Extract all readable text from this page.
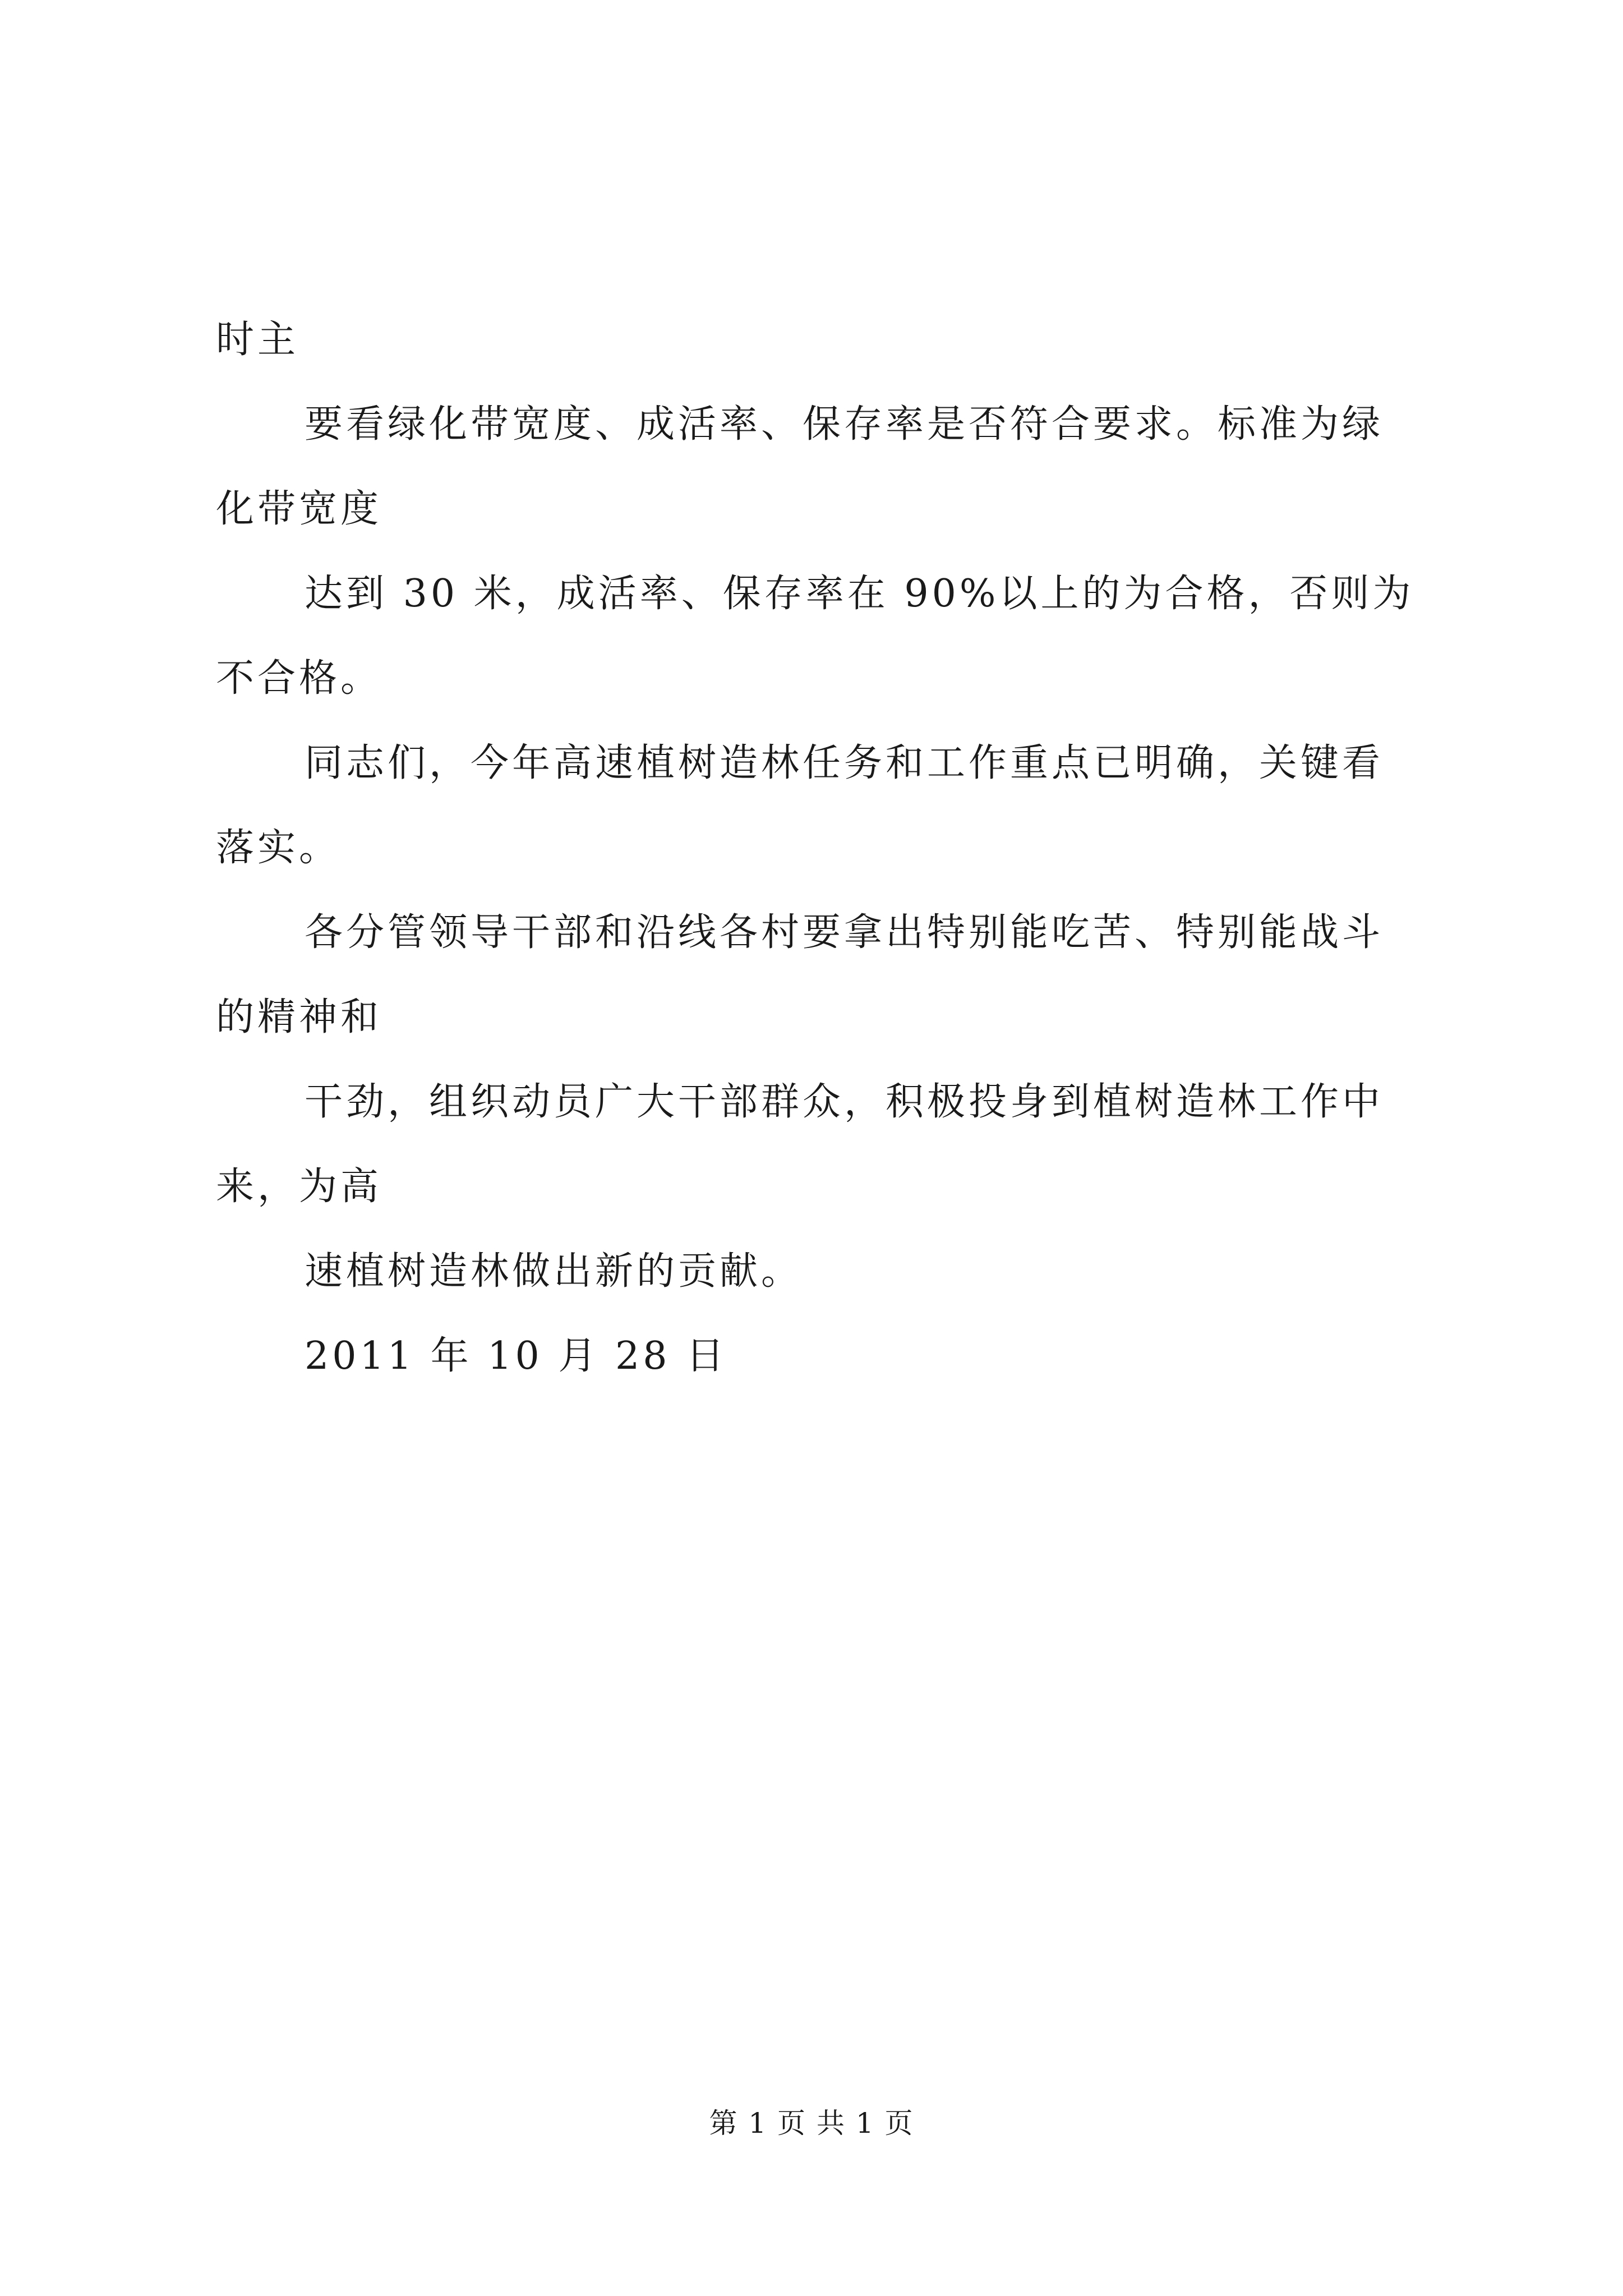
时主
要看绿化带宽度、成活率、保存率是否符合要求。标准为绿
化带宽度
达到 30 米，成活率、保存率在 90%以上的为合格，否则为
不合格。
同志们，今年高速植树造林任务和工作重点已明确，关键看
落实。
各分管领导干部和沿线各村要拿出特别能吃苦、特别能战斗
的精神和
干劲，组织动员广大干部群众，积极投身到植树造林工作中
来，为高
速植树造林做出新的贡献。
2011 年 10 月 28 日
第 1 页 共 1 页
